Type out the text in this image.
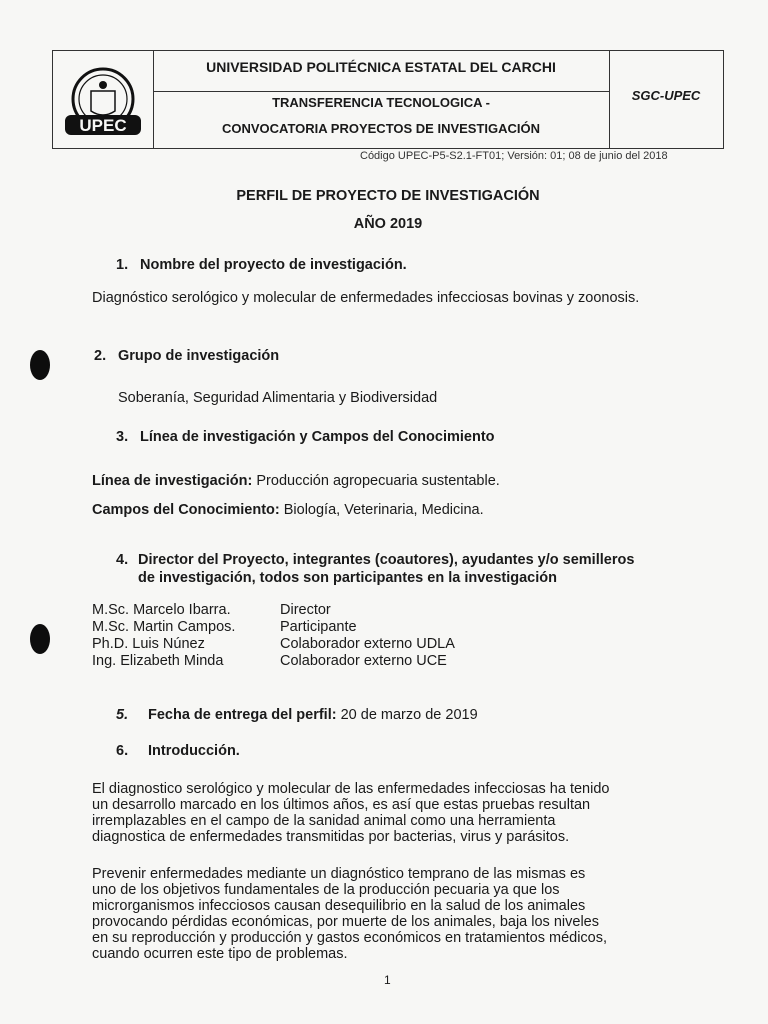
UPEC
UNIVERSIDAD POLITÉCNICA ESTATAL DEL CARCHI
TRANSFERENCIA TECNOLOGICA -
CONVOCATORIA PROYECTOS DE INVESTIGACIÓN
SGC-UPEC
Código UPEC-P5-S2.1-FT01; Versión: 01; 08 de junio del 2018
PERFIL DE PROYECTO DE INVESTIGACIÓN
AÑO 2019
1. Nombre del proyecto de investigación.
Diagnóstico serológico y molecular de enfermedades infecciosas bovinas y zoonosis.
2. Grupo de investigación
Soberanía, Seguridad Alimentaria y Biodiversidad
3. Línea de investigación y Campos del Conocimiento
Línea de investigación: Producción agropecuaria sustentable.
Campos del Conocimiento: Biología, Veterinaria, Medicina.
4. Director del Proyecto, integrantes (coautores), ayudantes y/o semilleros
de investigación, todos son participantes en la investigación
M.Sc. Marcelo Ibarra.
M.Sc. Martin Campos.
Ph.D. Luis Núnez
Ing. Elizabeth Minda
Director
Participante
Colaborador externo UDLA
Colaborador externo UCE
5. Fecha de entrega del perfil: 20 de marzo de 2019
6. Introducción.
El diagnostico serológico y molecular de las enfermedades infecciosas ha tenido
un desarrollo marcado en los últimos años, es así que estas pruebas resultan
irremplazables en el campo de la sanidad animal como una herramienta
diagnostica de enfermedades transmitidas por bacterias, virus y parásitos.
Prevenir enfermedades mediante un diagnóstico temprano de las mismas es
uno de los objetivos fundamentales de la producción pecuaria ya que los
microrganismos infecciosos causan desequilibrio en la salud de los animales
provocando pérdidas económicas, por muerte de los animales, baja los niveles
en su reproducción y producción y gastos económicos en tratamientos médicos,
cuando ocurren este tipo de problemas.
1
